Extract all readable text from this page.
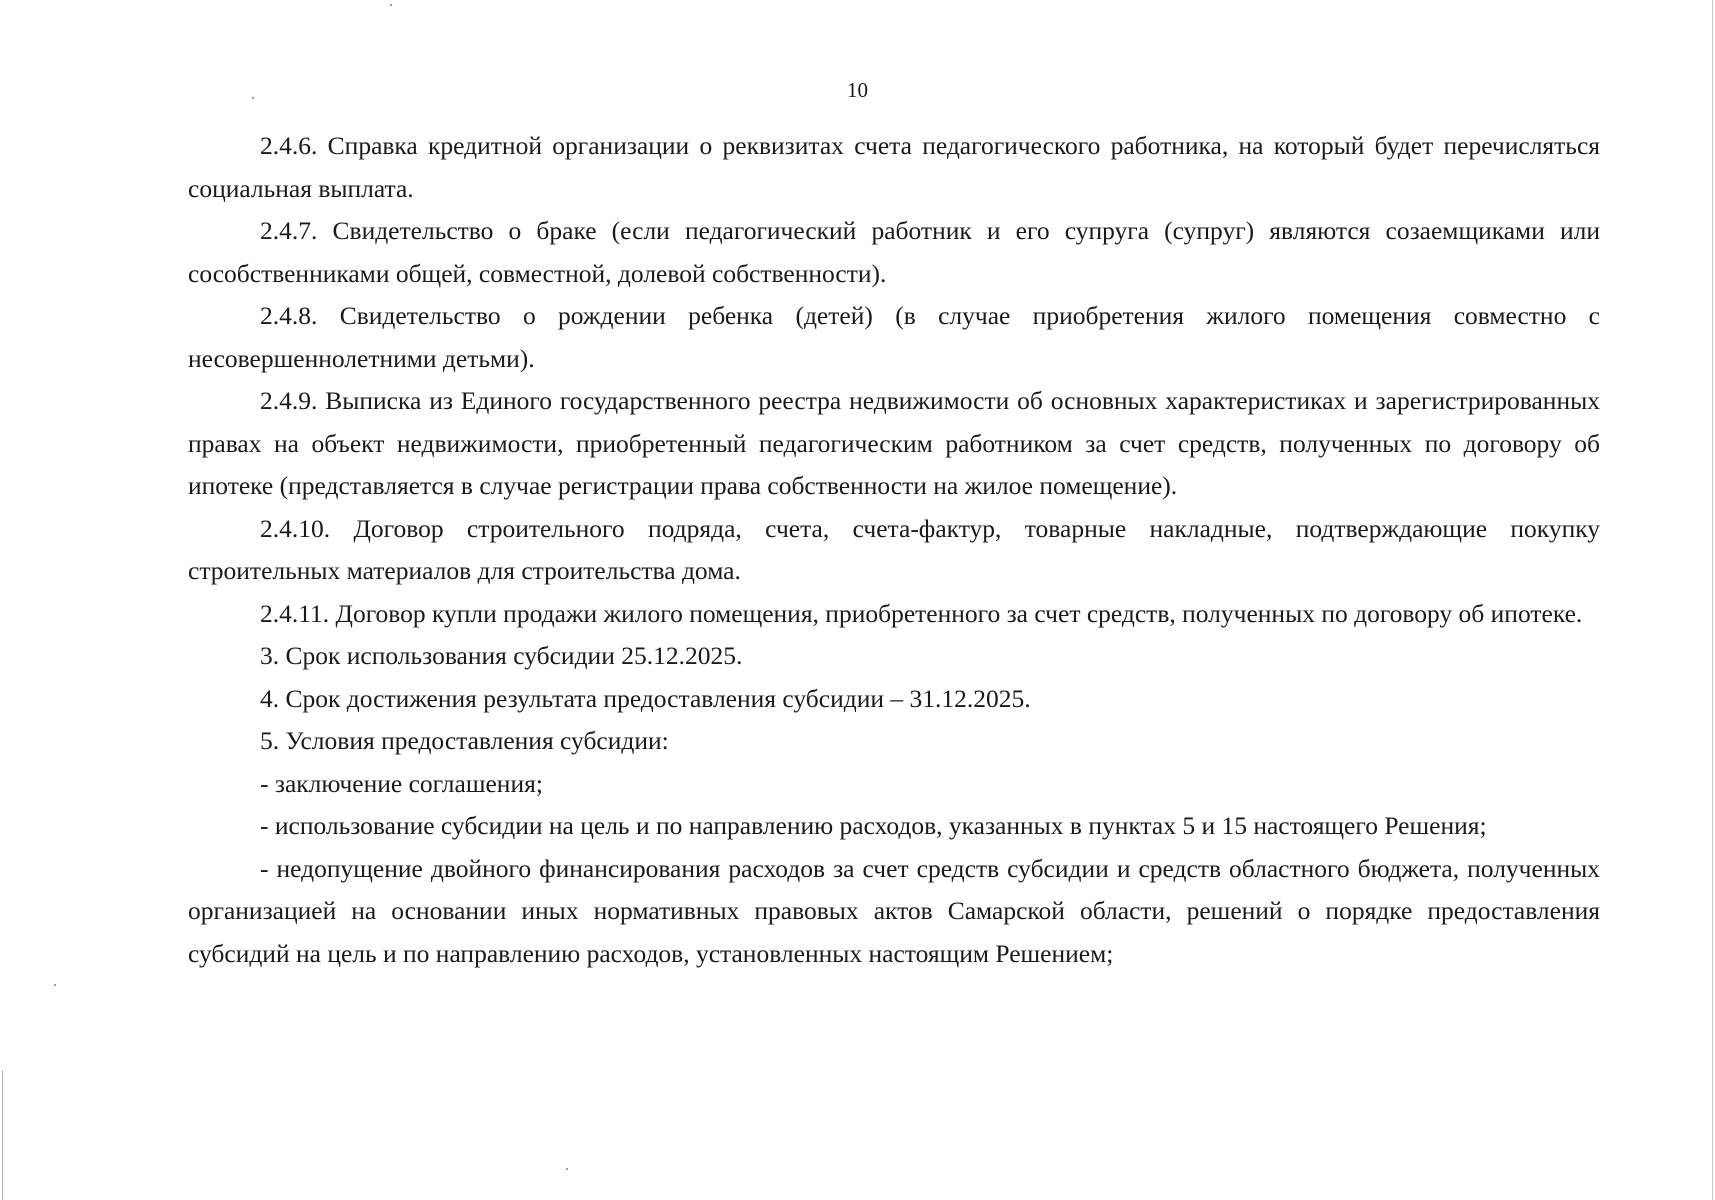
10

2.4.6. Справка кредитной организации о реквизитах счета педагогического работника, на который будет перечисляться социальная выплата.

2.4.7. Свидетельство о браке (если педагогический работник и его супруга (супруг) являются созаемщиками или сособственниками общей, совместной, долевой собственности).

2.4.8. Свидетельство о рождении ребенка (детей) (в случае приобретения жилого помещения совместно с несовершеннолетними детьми).

2.4.9. Выписка из Единого государственного реестра недвижимости об основных характеристиках и зарегистрированных правах на объект недвижимости, приобретенный педагогическим работником за счет средств, полученных по договору об ипотеке (представляется в случае регистрации права собственности на жилое помещение).

2.4.10. Договор строительного подряда, счета, счета-фактур, товарные накладные, подтверждающие покупку строительных материалов для строительства дома.

2.4.11. Договор купли продажи жилого помещения, приобретенного за счет средств, полученных по договору об ипотеке.

3. Срок использования субсидии 25.12.2025.

4. Срок достижения результата предоставления субсидии – 31.12.2025.

5. Условия предоставления субсидии:

- заключение соглашения;

- использование субсидии на цель и по направлению расходов, указанных в пунктах 5 и 15 настоящего Решения;

- недопущение двойного финансирования расходов за счет средств субсидии и средств областного бюджета, полученных организацией на основании иных нормативных правовых актов Самарской области, решений о порядке предоставления субсидий на цель и по направлению расходов, установленных настоящим Решением;
